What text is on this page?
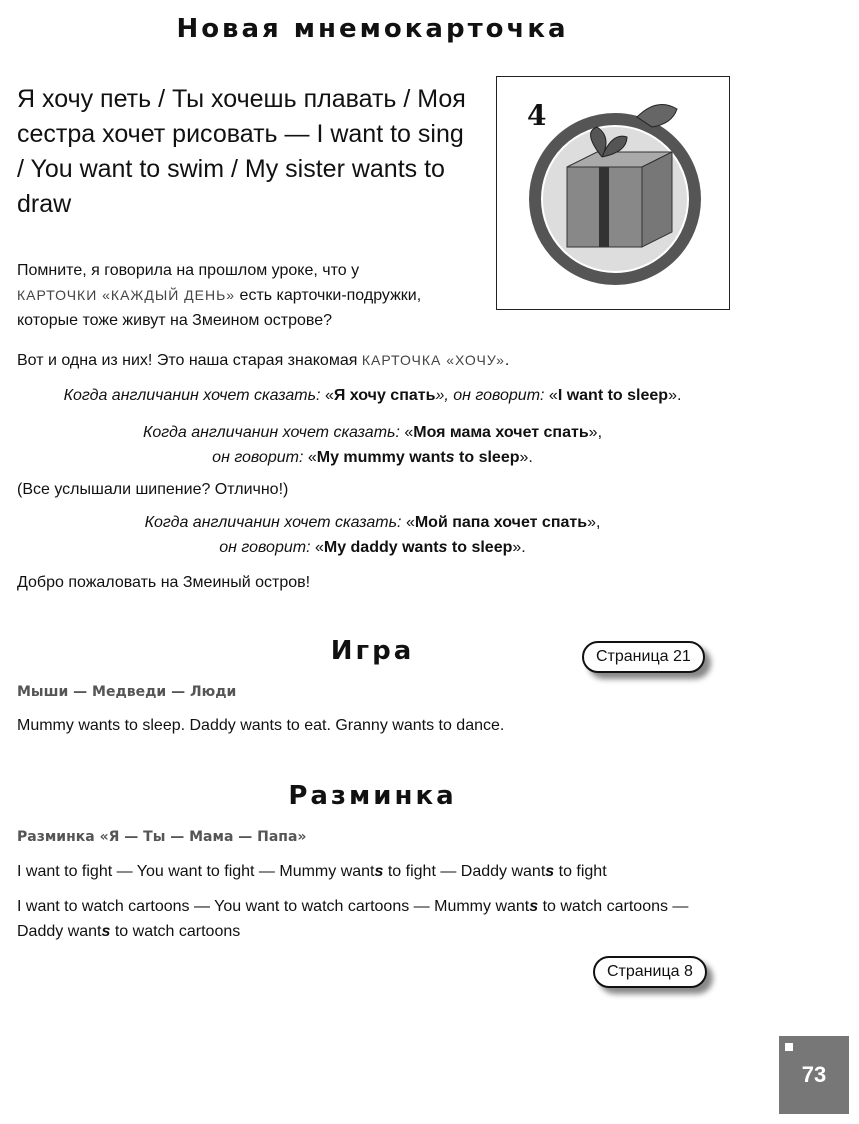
Новая мнемокарточка
Я хочу петь / Ты хочешь плавать / Моя сестра хочет рисовать — I want to sing / You want to swim / My sister wants to draw
4
Помните, я говорила на прошлом уроке, что у КАРТОЧКИ «КАЖДЫЙ ДЕНЬ» есть карточки-подружки, которые тоже живут на Змеином острове?
Вот и одна из них! Это наша старая знакомая КАРТОЧКА «ХОЧУ».
Когда англичанин хочет сказать: «Я хочу спать», он говорит: «I want to sleep».
Когда англичанин хочет сказать: «Моя мама хочет спать»,
он говорит: «My mummy wants to sleep».
(Все услышали шипение? Отлично!)
Когда англичанин хочет сказать: «Мой папа хочет спать»,
он говорит: «My daddy wants to sleep».
Добро пожаловать на Змеиный остров!
Игра	Страница 21
Мыши — Медведи — Люди
Mummy wants to sleep. Daddy wants to eat. Granny wants to dance.
Разминка
Разминка «Я — Ты — Мама — Папа»
I want to fight — You want to fight — Mummy wants to fight — Daddy wants to fight
I want to watch cartoons — You want to watch cartoons — Mummy wants to watch cartoons — Daddy wants to watch cartoons
Страница 8
73
